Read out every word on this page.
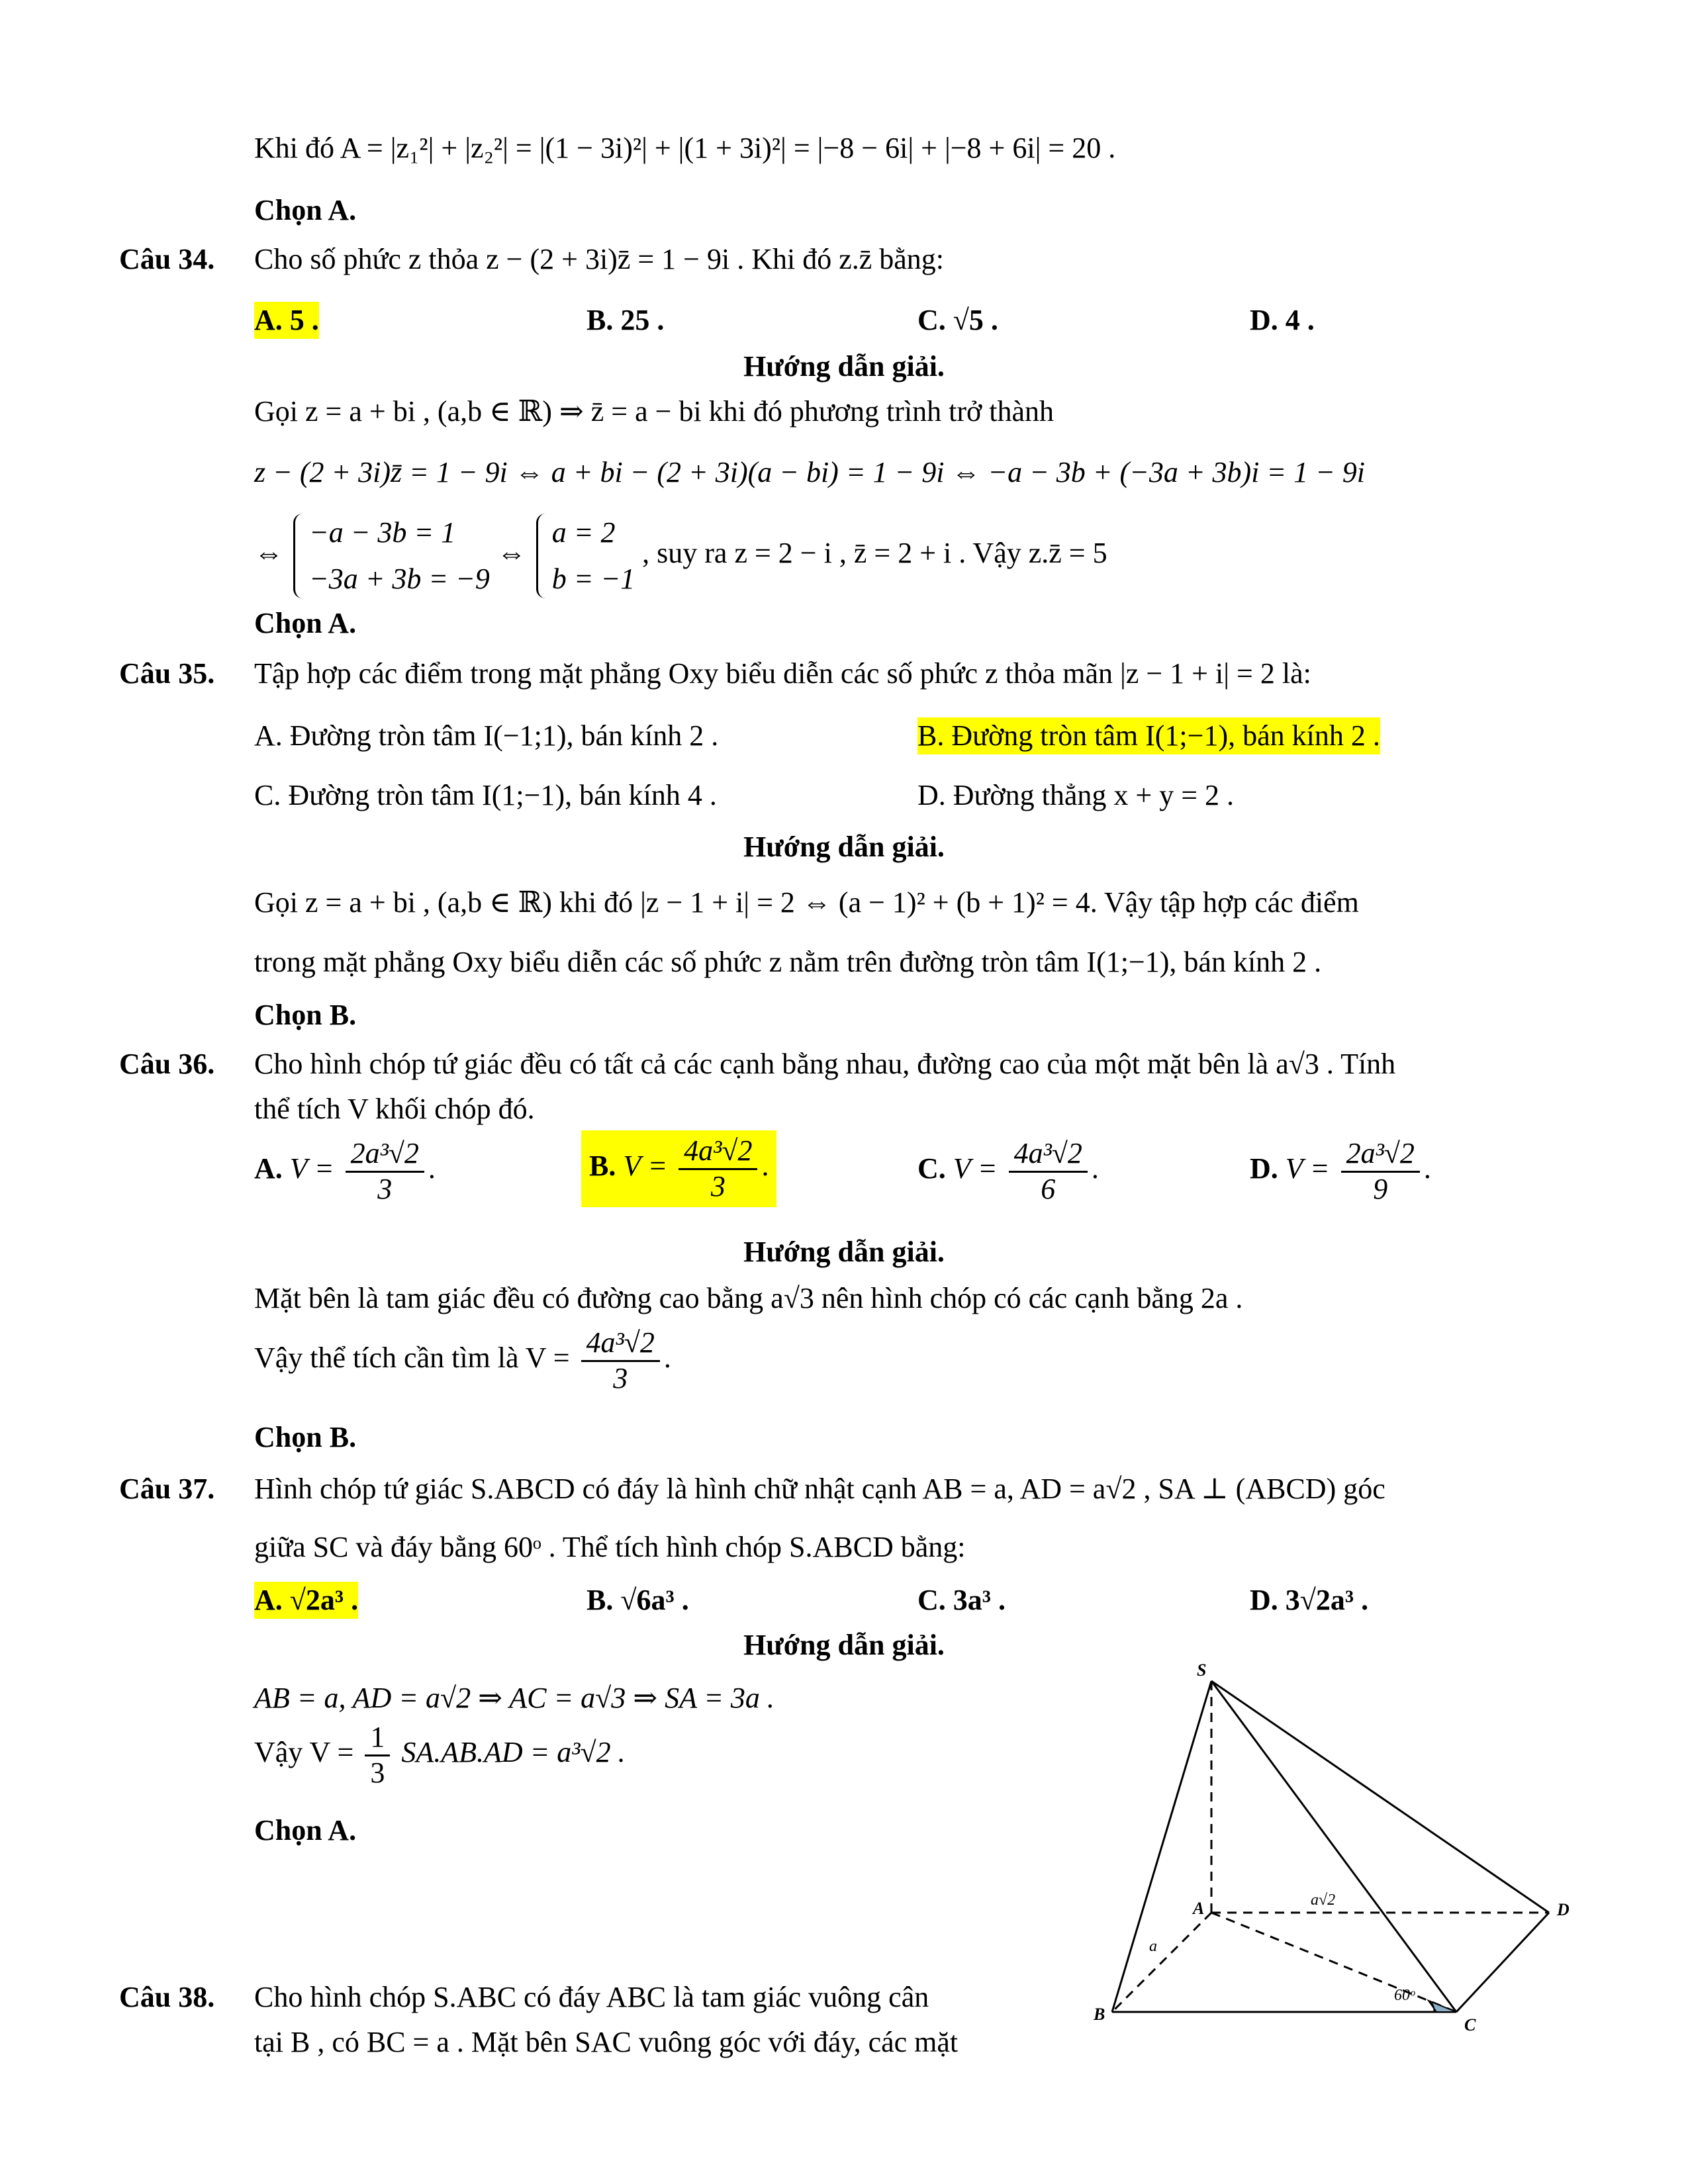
Khi đó A = |z₁²| + |z₂²| = |(1 − 3i)²| + |(1 + 3i)²| = |−8 − 6i| + |−8 + 6i| = 20 .
Chọn A.
Câu 34. Cho số phức z thỏa z − (2 + 3i)z̄ = 1 − 9i . Khi đó z.z̄ bằng:
A. 5 .	B. 25 .	C. √5 .	D. 4 .
Hướng dẫn giải.
Gọi z = a + bi , (a,b ∈ ℝ) ⇒ z̄ = a − bi khi đó phương trình trở thành
z − (2 + 3i)z̄ = 1 − 9i ⇔ a + bi − (2 + 3i)(a − bi) = 1 − 9i ⇔ −a − 3b + (−3a + 3b)i = 1 − 9i
⇔
−a − 3b = 1
−3a + 3b = −9
⇔
a = 2
b = −1
, suy ra z = 2 − i , z̄ = 2 + i . Vậy z.z̄ = 5
Chọn A.
Câu 35. Tập hợp các điểm trong mặt phẳng Oxy biểu diễn các số phức z thỏa mãn |z − 1 + i| = 2 là:
A. Đường tròn tâm I(−1;1), bán kính 2 .	B. Đường tròn tâm I(1;−1), bán kính 2 .
C. Đường tròn tâm I(1;−1), bán kính 4 .	D. Đường thẳng x + y = 2 .
Hướng dẫn giải.
Gọi z = a + bi , (a,b ∈ ℝ) khi đó |z − 1 + i| = 2 ⇔ (a − 1)² + (b + 1)² = 4. Vậy tập hợp các điểm
trong mặt phẳng Oxy biểu diễn các số phức z nằm trên đường tròn tâm I(1;−1), bán kính 2 .
Chọn B.
Câu 36. Cho hình chóp tứ giác đều có tất cả các cạnh bằng nhau, đường cao của một mặt bên là a√3 . Tính
thể tích V khối chóp đó.
A. $V = \frac{\text{2a³√2}}{3}$ .	B. $V = \frac{\text{4a³√2}}{3}$ .	C. $V = \frac{\text{4a³√2}}{6}$ .	D. $V = \frac{\text{2a³√2}}{9}$ .
Hướng dẫn giải.
Mặt bên là tam giác đều có đường cao bằng a√3 nên hình chóp có các cạnh bằng 2a .
Vậy thể tích cần tìm là $V = \frac{\text{4a³√2}}{3}$ .
Chọn B.
Câu 37. Hình chóp tứ giác S.ABCD có đáy là hình chữ nhật cạnh AB = a, AD = a√2 , SA ⊥ (ABCD) góc
giữa SC và đáy bằng 60ᵒ . Thể tích hình chóp S.ABCD bằng:
A. √2a³ .	B. √6a³ .	C. 3a³ .	D. 3√2a³ .
Hướng dẫn giải.
AB = a, AD = a√2 ⇒ AC = a√3 ⇒ SA = 3a .
Vậy $V = \frac{1}{3} SA.AB.AD = a^3√2$ .
Chọn A.
S
A
B
C
D
a√2
a
60ᵒ
Câu 38. Cho hình chóp S.ABC có đáy ABC là tam giác vuông cân
tại B , có BC = a . Mặt bên SAC vuông góc với đáy, các mặt
